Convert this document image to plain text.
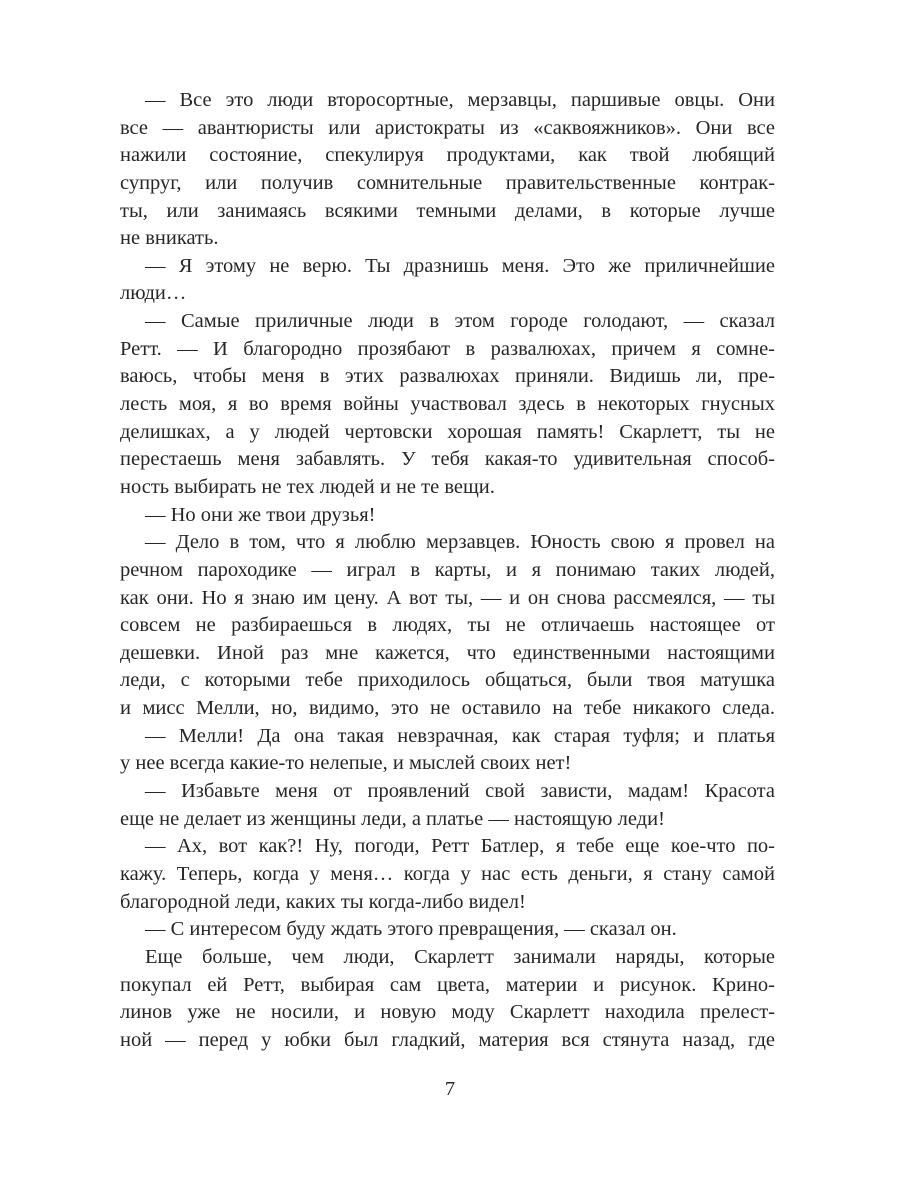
— Все это люди второсортные, мерзавцы, паршивые овцы. Они
все — авантюристы или аристократы из «саквояжников». Они все
нажили состояние, спекулируя продуктами, как твой любящий
супруг, или получив сомнительные правительственные контрак-
ты, или занимаясь всякими темными делами, в которые лучше
не вникать.
— Я этому не верю. Ты дразнишь меня. Это же приличнейшие
люди…
— Самые приличные люди в этом городе голодают, — сказал
Ретт. — И благородно прозябают в развалюхах, причем я сомне-
ваюсь, чтобы меня в этих развалюхах приняли. Видишь ли, пре-
лесть моя, я во время войны участвовал здесь в некоторых гнусных
делишках, а у людей чертовски хорошая память! Скарлетт, ты не
перестаешь меня забавлять. У тебя какая-то удивительная способ-
ность выбирать не тех людей и не те вещи.
— Но они же твои друзья!
— Дело в том, что я люблю мерзавцев. Юность свою я провел на
речном пароходике — играл в карты, и я понимаю таких людей,
как они. Но я знаю им цену. А вот ты, — и он снова рассмеялся, — ты
совсем не разбираешься в людях, ты не отличаешь настоящее от
дешевки. Иной раз мне кажется, что единственными настоящими
леди, с которыми тебе приходилось общаться, были твоя матушка
и мисс Мелли, но, видимо, это не оставило на тебе никакого следа.
— Мелли! Да она такая невзрачная, как старая туфля; и платья
у нее всегда какие-то нелепые, и мыслей своих нет!
— Избавьте меня от проявлений свой зависти, мадам! Красота
еще не делает из женщины леди, а платье — настоящую леди!
— Ах, вот как?! Ну, погоди, Ретт Батлер, я тебе еще кое-что по-
кажу. Теперь, когда у меня… когда у нас есть деньги, я стану самой
благородной леди, каких ты когда-либо видел!
— С интересом буду ждать этого превращения, — сказал он.
Еще больше, чем люди, Скарлетт занимали наряды, которые
покупал ей Ретт, выбирая сам цвета, материи и рисунок. Крино-
линов уже не носили, и новую моду Скарлетт находила прелест-
ной — перед у юбки был гладкий, материя вся стянута назад, где
7
